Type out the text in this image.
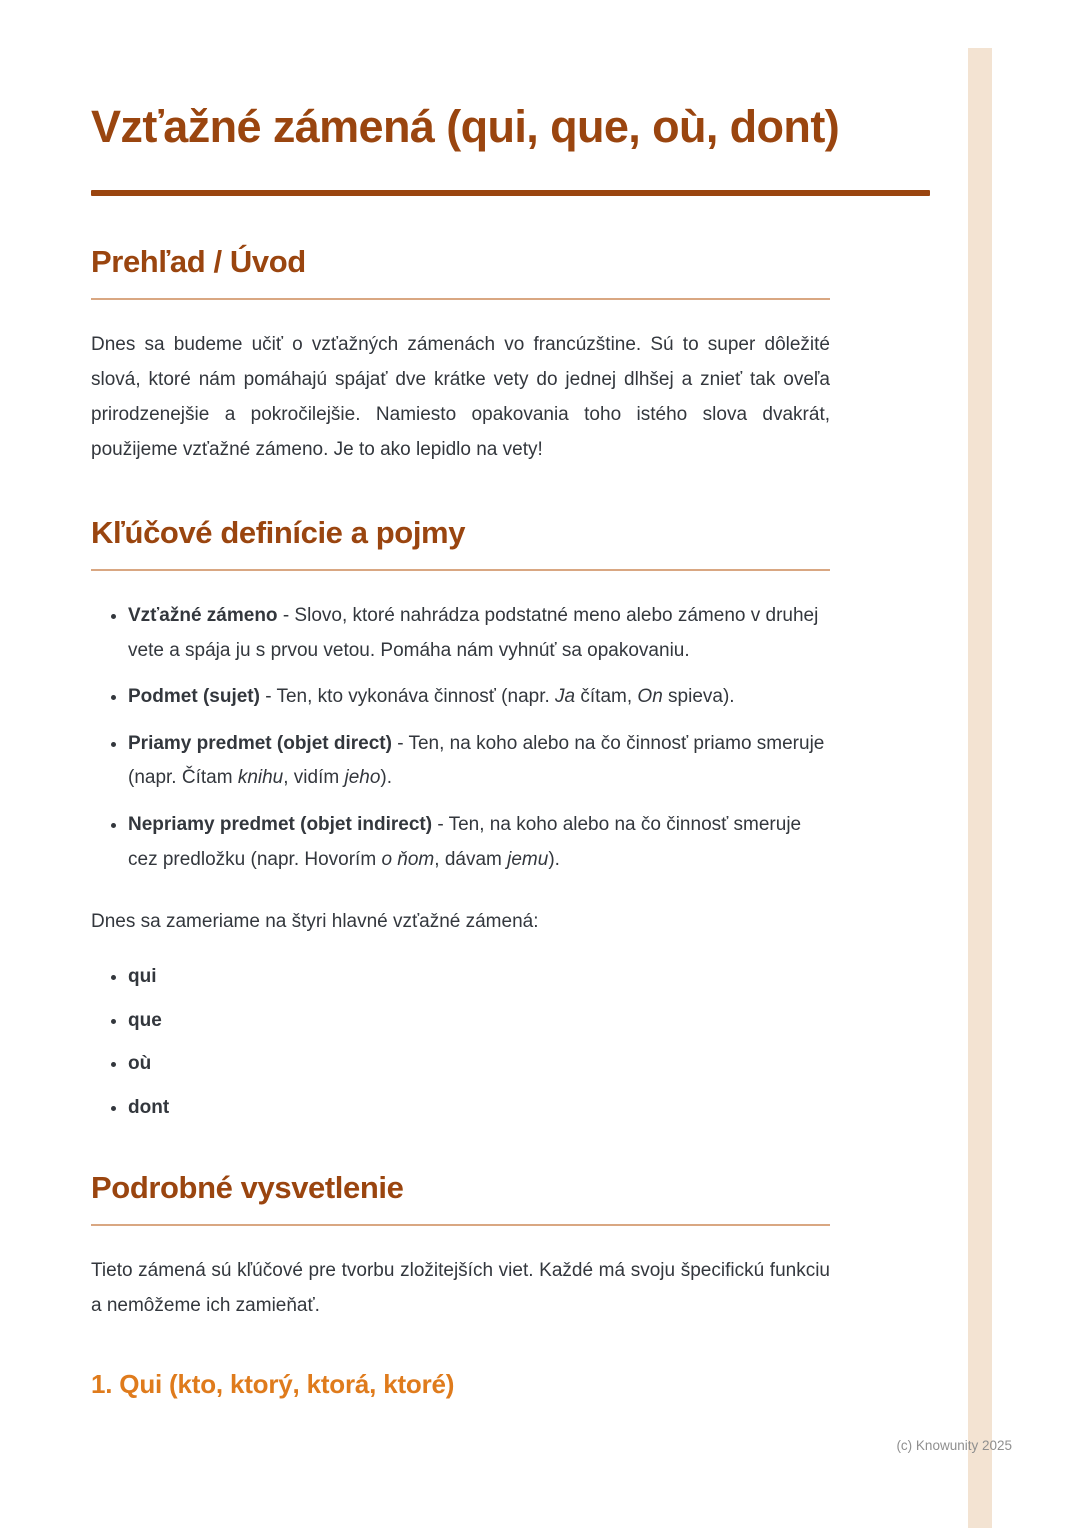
Vzťažné zámená (qui, que, où, dont)
Prehľad / Úvod

Dnes sa budeme učiť o vzťažných zámenách vo francúzštine. Sú to super dôležité slová, ktoré nám pomáhajú spájať dve krátke vety do jednej dlhšej a znieť tak oveľa prirodzenejšie a pokročilejšie. Namiesto opakovania toho istého slova dvakrát, použijeme vzťažné zámeno. Je to ako lepidlo na vety!

Kľúčové definície a pojmy
• Vzťažné zámeno - Slovo, ktoré nahrádza podstatné meno alebo zámeno v druhej vete a spája ju s prvou vetou. Pomáha nám vyhnúť sa opakovaniu.
• Podmet (sujet) - Ten, kto vykonáva činnosť (napr. Ja čítam, On spieva).
• Priamy predmet (objet direct) - Ten, na koho alebo na čo činnosť priamo smeruje (napr. Čítam knihu, vidím jeho).
• Nepriamy predmet (objet indirect) - Ten, na koho alebo na čo činnosť smeruje cez predložku (napr. Hovorím o ňom, dávam jemu).

Dnes sa zameriame na štyri hlavné vzťažné zámená:

• qui
• que
• où
• dont
Podrobné vysvetlenie

Tieto zámená sú kľúčové pre tvorbu zložitejších viet. Každé má svoju špecifickú funkciu a nemôžeme ich zamieňať.

1. Qui (kto, ktorý, ktorá, ktoré)
(c) Knowunity 2025
